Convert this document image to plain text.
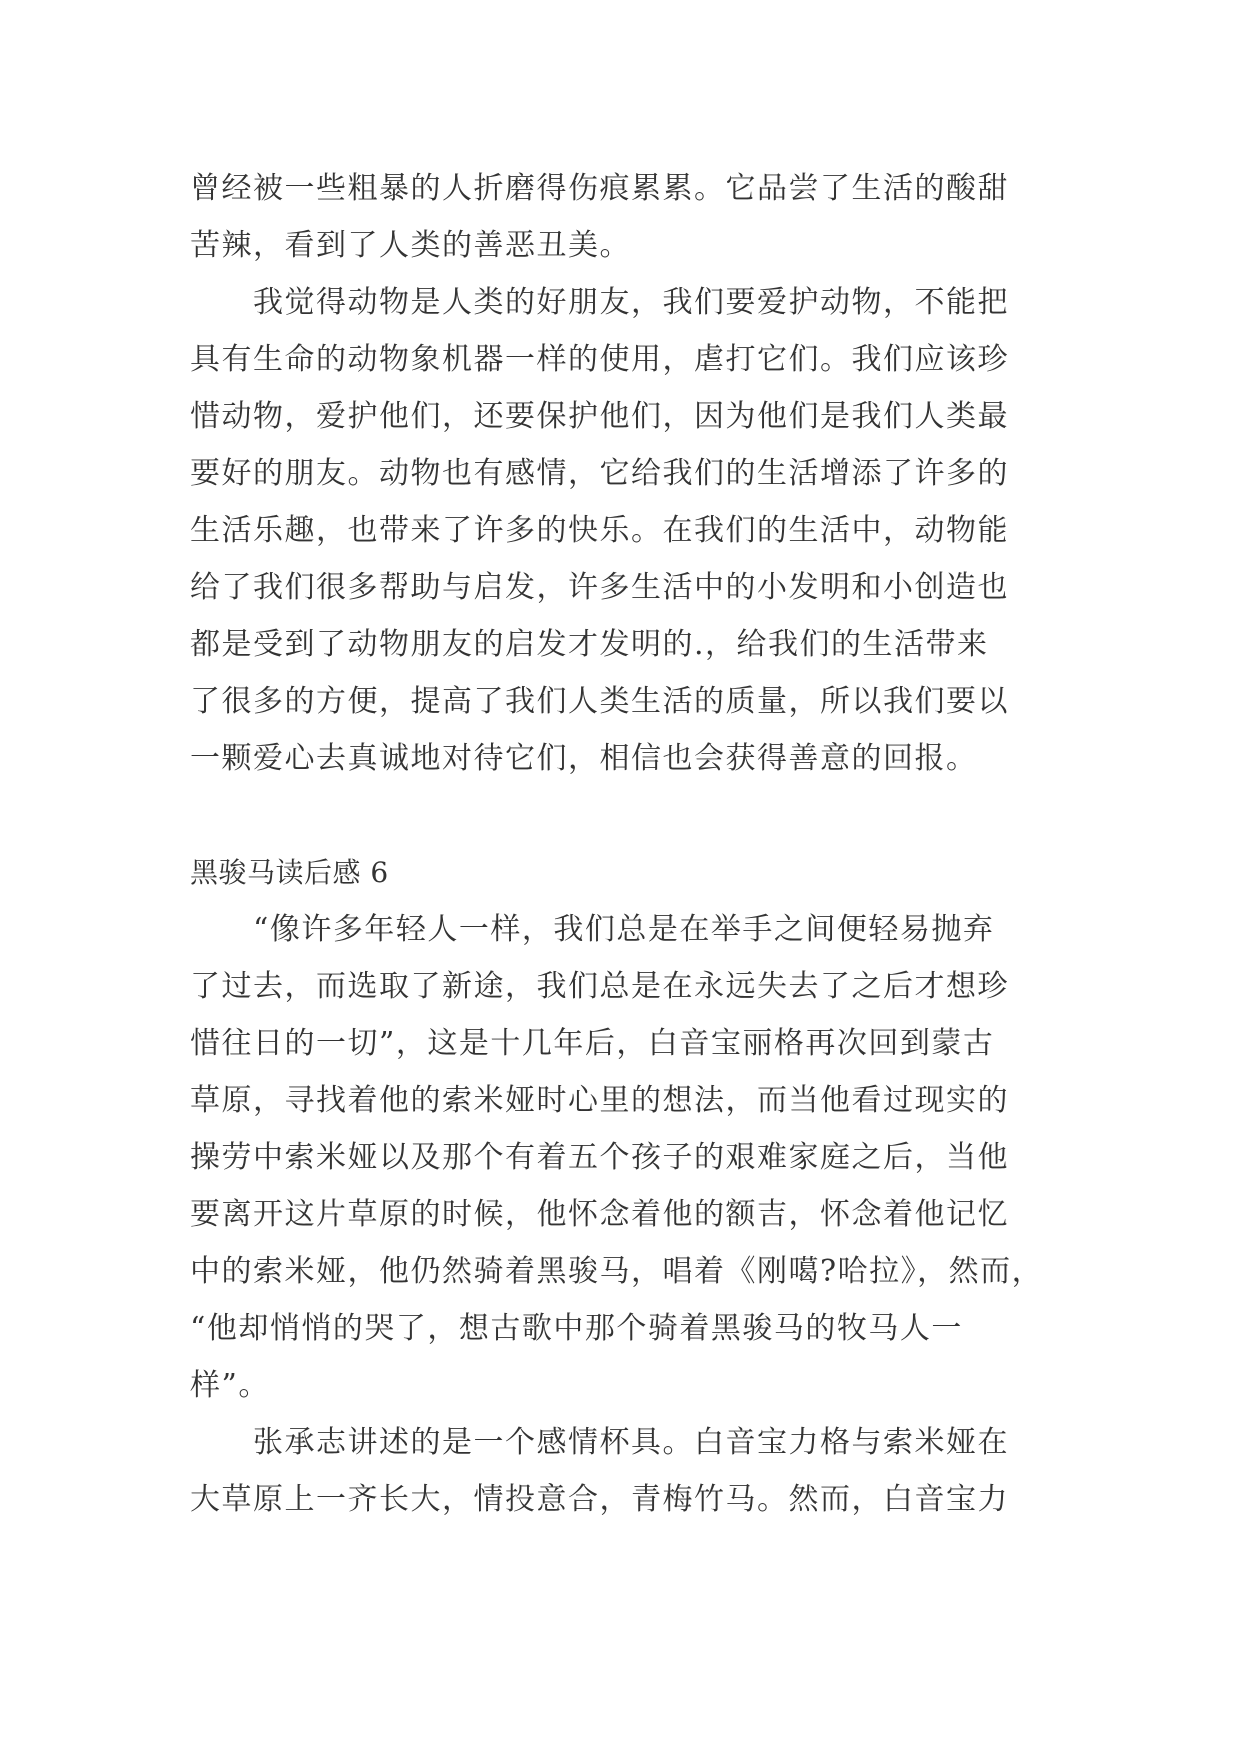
曾经被一些粗暴的人折磨得伤痕累累。它品尝了生活的酸甜
苦辣，看到了人类的善恶丑美。
　　我觉得动物是人类的好朋友，我们要爱护动物，不能把
具有生命的动物象机器一样的使用，虐打它们。我们应该珍
惜动物，爱护他们，还要保护他们，因为他们是我们人类最
要好的朋友。动物也有感情，它给我们的生活增添了许多的
生活乐趣，也带来了许多的快乐。在我们的生活中，动物能
给了我们很多帮助与启发，许多生活中的小发明和小创造也
都是受到了动物朋友的启发才发明的.，给我们的生活带来
了很多的方便，提高了我们人类生活的质量，所以我们要以
一颗爱心去真诚地对待它们，相信也会获得善意的回报。
黑骏马读后感 6
　　“像许多年轻人一样，我们总是在举手之间便轻易抛弃
了过去，而选取了新途，我们总是在永远失去了之后才想珍
惜往日的一切”，这是十几年后，白音宝丽格再次回到蒙古
草原，寻找着他的索米娅时心里的想法，而当他看过现实的
操劳中索米娅以及那个有着五个孩子的艰难家庭之后，当他
要离开这片草原的时候，他怀念着他的额吉，怀念着他记忆
中的索米娅，他仍然骑着黑骏马，唱着《刚噶?哈拉》，然而，
“他却悄悄的哭了，想古歌中那个骑着黑骏马的牧马人一
样”。
　　张承志讲述的是一个感情杯具。白音宝力格与索米娅在
大草原上一齐长大，情投意合，青梅竹马。然而，白音宝力
